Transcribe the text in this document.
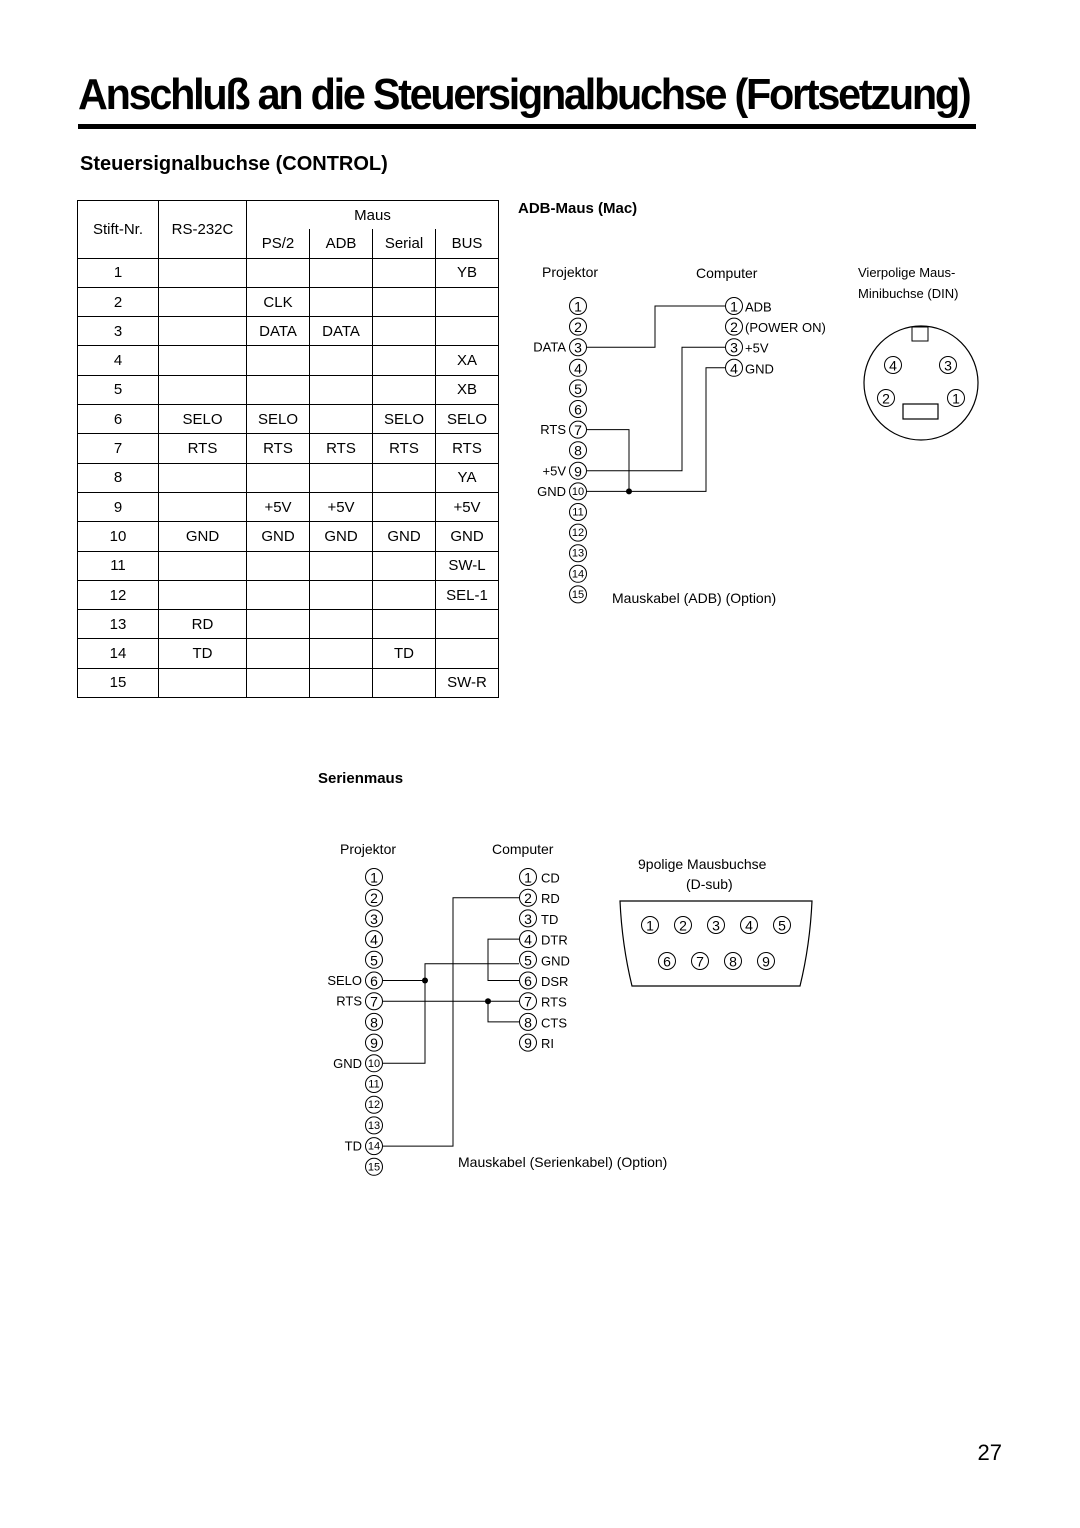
Anschluß an die Steuersignalbuchse (Fortsetzung)
Steuersignalbuchse (CONTROL)
Stift-Nr.	RS-232C	Maus			
		PS/2	ADB	Serial	BUS
1					YB
2		CLK			
3		DATA	DATA		
4					XA
5					XB
6	SELO	SELO		SELO	SELO
7	RTS	RTS	RTS	RTS	RTS
8					YA
9		+5V	+5V		+5V
10	GND	GND	GND	GND	GND
11					SW-L
12					SEL-1
13	RD				
14	TD			TD	
15					SW-R
ADB-Maus (Mac)
Projektor	Computer	Vierpolige Maus-
Minibuchse (DIN)
Mauskabel (ADB) (Option)
Serienmaus
Projektor	Computer
9polige Mausbuchse
(D-sub)
Mauskabel (Serienkabel) (Option)
1
2
3
DATA
4
5
6
7
RTS
8
9
+5V
10
GND
11
12
13
14
15
1 ADB
2 (POWER ON)
3 +5V
4 GND	4	3
2	1
1
2
3
4
5
6
SELO
7
RTS
8
9
10
GND
11
12
13
14
TD
15
1 CD
2 RD
3 TD
4 DTR
5 GND
6 DSR
7 RTS
8 CTS
9 RI
1 2 3 4 5
6 7 8 9
27
